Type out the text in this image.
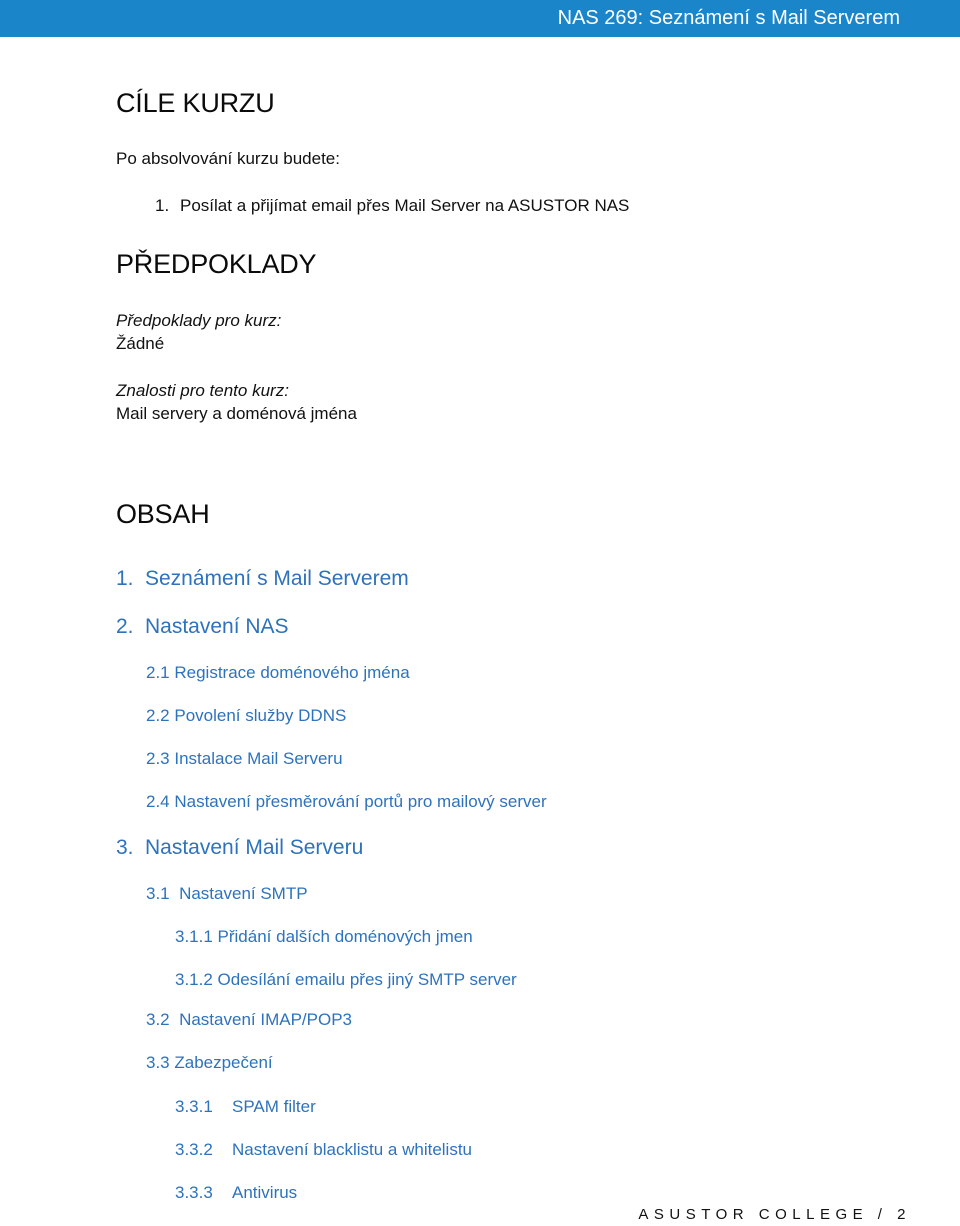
NAS 269: Seznámení s Mail Serverem
CÍLE KURZU
Po absolvování kurzu budete:
1. Posílat a přijímat email přes Mail Server na ASUSTOR NAS
PŘEDPOKLADY
Předpoklady pro kurz:
Žádné
Znalosti pro tento kurz:
Mail servery a doménová jména
OBSAH
1. Seznámení s Mail Serverem
2. Nastavení NAS
2.1 Registrace doménového jména
2.2 Povolení služby DDNS
2.3 Instalace Mail Serveru
2.4 Nastavení přesměrování portů pro mailový server
3. Nastavení Mail Serveru
3.1  Nastavení SMTP
3.1.1 Přidání dalších doménových jmen
3.1.2 Odesílání emailu přes jiný SMTP server
3.2  Nastavení IMAP/POP3
3.3 Zabezpečení
3.3.1 SPAM filter
3.3.2 Nastavení blacklistu a whitelistu
3.3.3 Antivirus
ASUSTOR COLLEGE / 2
